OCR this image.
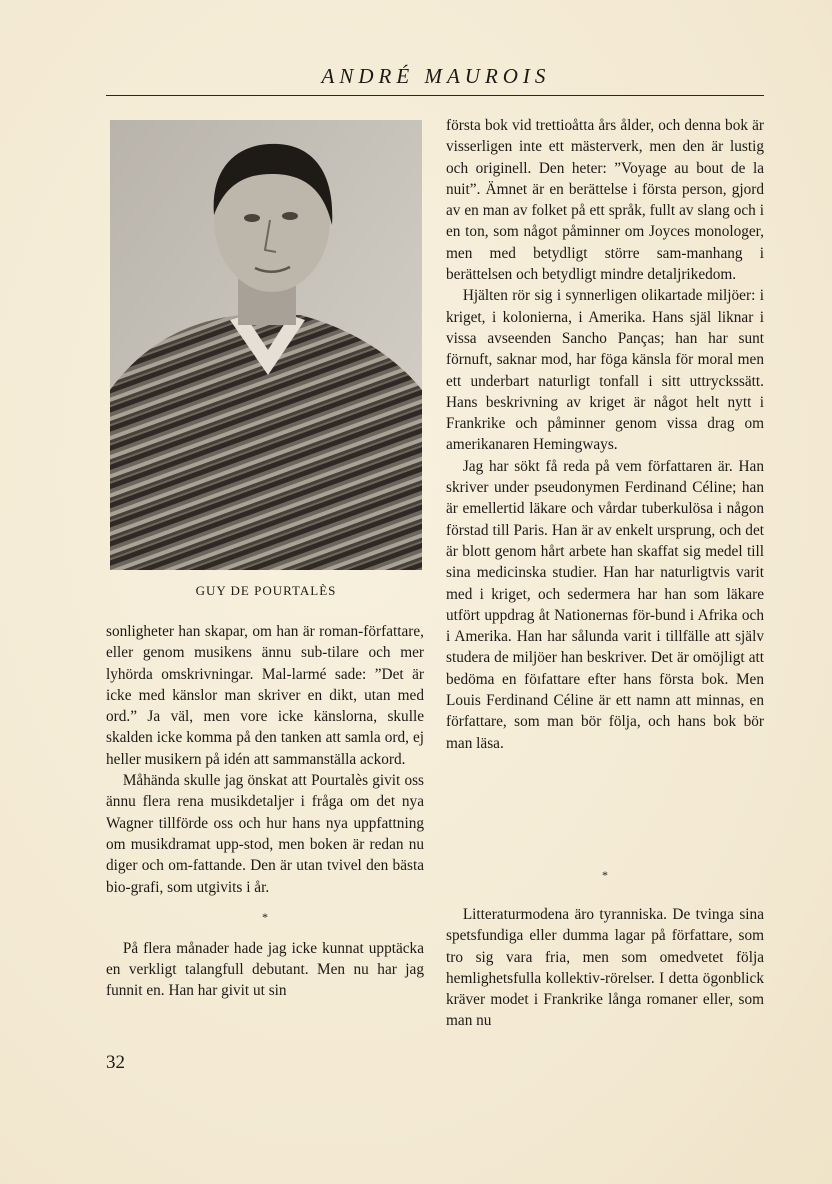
ANDRÉ MAUROIS
GUY DE POURTALÈS

sonligheter han skapar, om han är roman-författare, eller genom musikens ännu sub-tilare och mer lyhörda omskrivningar. Mal-larmé sade: ”Det är icke med känslor man skriver en dikt, utan med ord.” Ja väl, men vore icke känslorna, skulle skalden icke komma på den tanken att samla ord, ej heller musikern på idén att sammanställa ackord.

Måhända skulle jag önskat att Pourtalès givit oss ännu flera rena musikdetaljer i fråga om det nya Wagner tillförde oss och hur hans nya uppfattning om musikdramat upp-stod, men boken är redan nu diger och om-fattande. Den är utan tvivel den bästa bio-grafi, som utgivits i år.

*

På flera månader hade jag icke kunnat upptäcka en verkligt talangfull debutant. Men nu har jag funnit en. Han har givit ut sin

första bok vid trettioåtta års ålder, och denna bok är visserligen inte ett mästerverk, men den är lustig och originell. Den heter: ”Voyage au bout de la nuit”. Ämnet är en berättelse i första person, gjord av en man av folket på ett språk, fullt av slang och i en ton, som något påminner om Joyces monologer, men med betydligt större sam-manhang i berättelsen och betydligt mindre detaljrikedom.

Hjälten rör sig i synnerligen olikartade miljöer: i kriget, i kolonierna, i Amerika. Hans själ liknar i vissa avseenden Sancho Panças; han har sunt förnuft, saknar mod, har föga känsla för moral men ett underbart naturligt tonfall i sitt uttryckssätt. Hans beskrivning av kriget är något helt nytt i Frankrike och påminner genom vissa drag om amerikanaren Hemingways.

Jag har sökt få reda på vem författaren är. Han skriver under pseudonymen Ferdinand Céline; han är emellertid läkare och vårdar tuberkulösa i någon förstad till Paris. Han är av enkelt ursprung, och det är blott genom hårt arbete han skaffat sig medel till sina medicinska studier. Han har naturligtvis varit med i kriget, och sedermera har han som läkare utfört uppdrag åt Nationernas för-bund i Afrika och i Amerika. Han har sålunda varit i tillfälle att själv studera de miljöer han beskriver. Det är omöjligt att bedöma en föıfattare efter hans första bok. Men Louis Ferdinand Céline är ett namn att minnas, en författare, som man bör följa, och hans bok bör man läsa.

*

Litteraturmodena äro tyranniska. De tvinga sina spetsfundiga eller dumma lagar på författare, som tro sig vara fria, men som omedvetet följa hemlighetsfulla kollektiv-rörelser. I detta ögonblick kräver modet i Frankrike långa romaner eller, som man nu

32
